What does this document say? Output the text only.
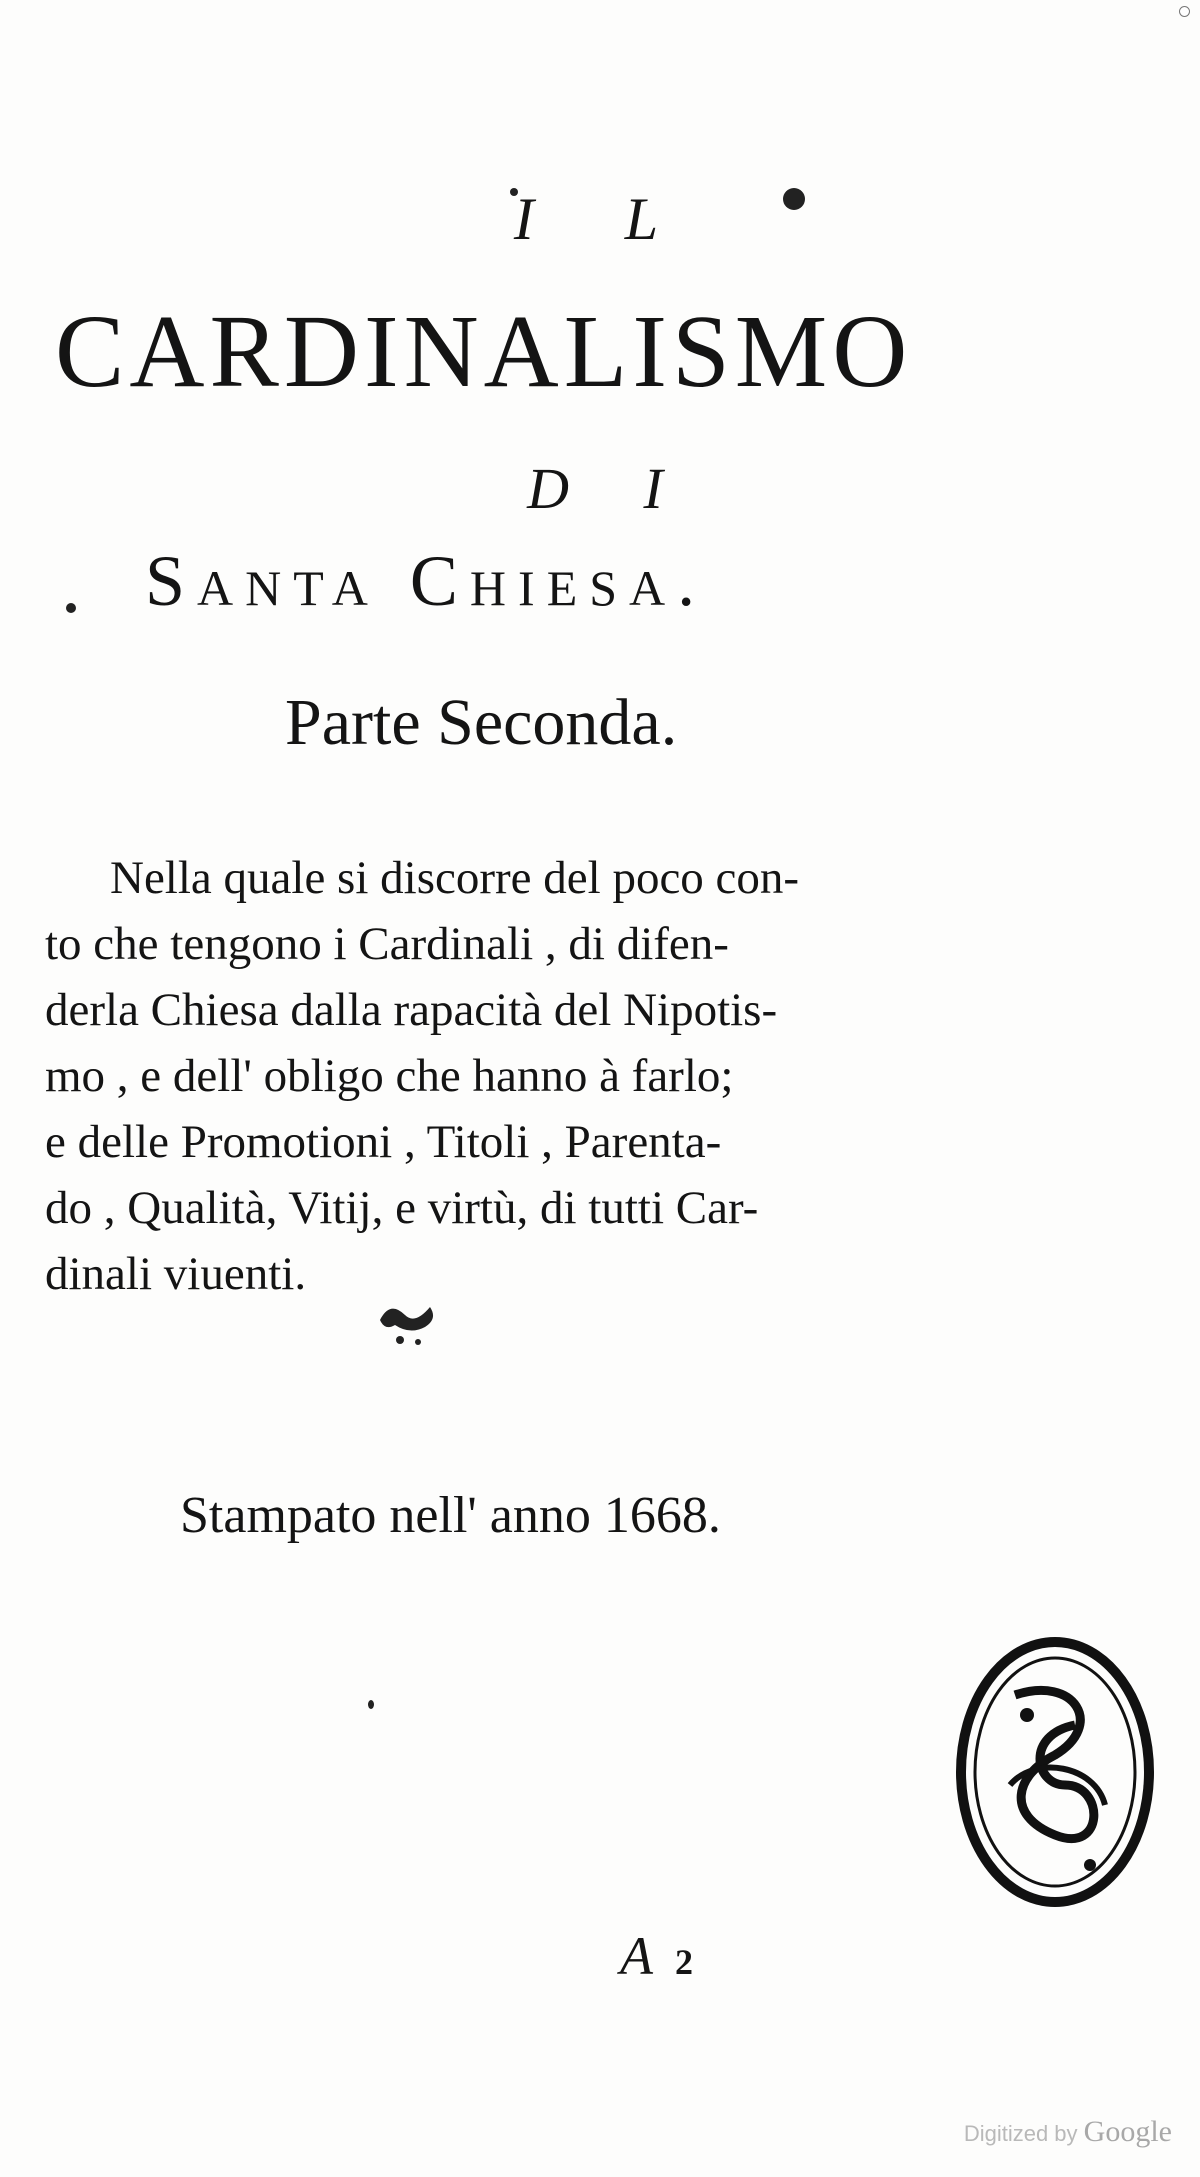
I L
CARDINALISMO
D I
Santa Chiesa.
Parte Seconda.
Nella quale si discorre del poco con-
to che tengono i Cardinali , di difen-
derla Chiesa dalla rapacità del Nipotis-
mo , e dell' obligo che hanno à farlo;
e delle Promotioni , Titoli , Parenta-
do , Qualità, Vitij, e virtù, di tutti Car-
dinali viuenti.
Stampato nell' anno 1668.
A 2
Digitized by Google
